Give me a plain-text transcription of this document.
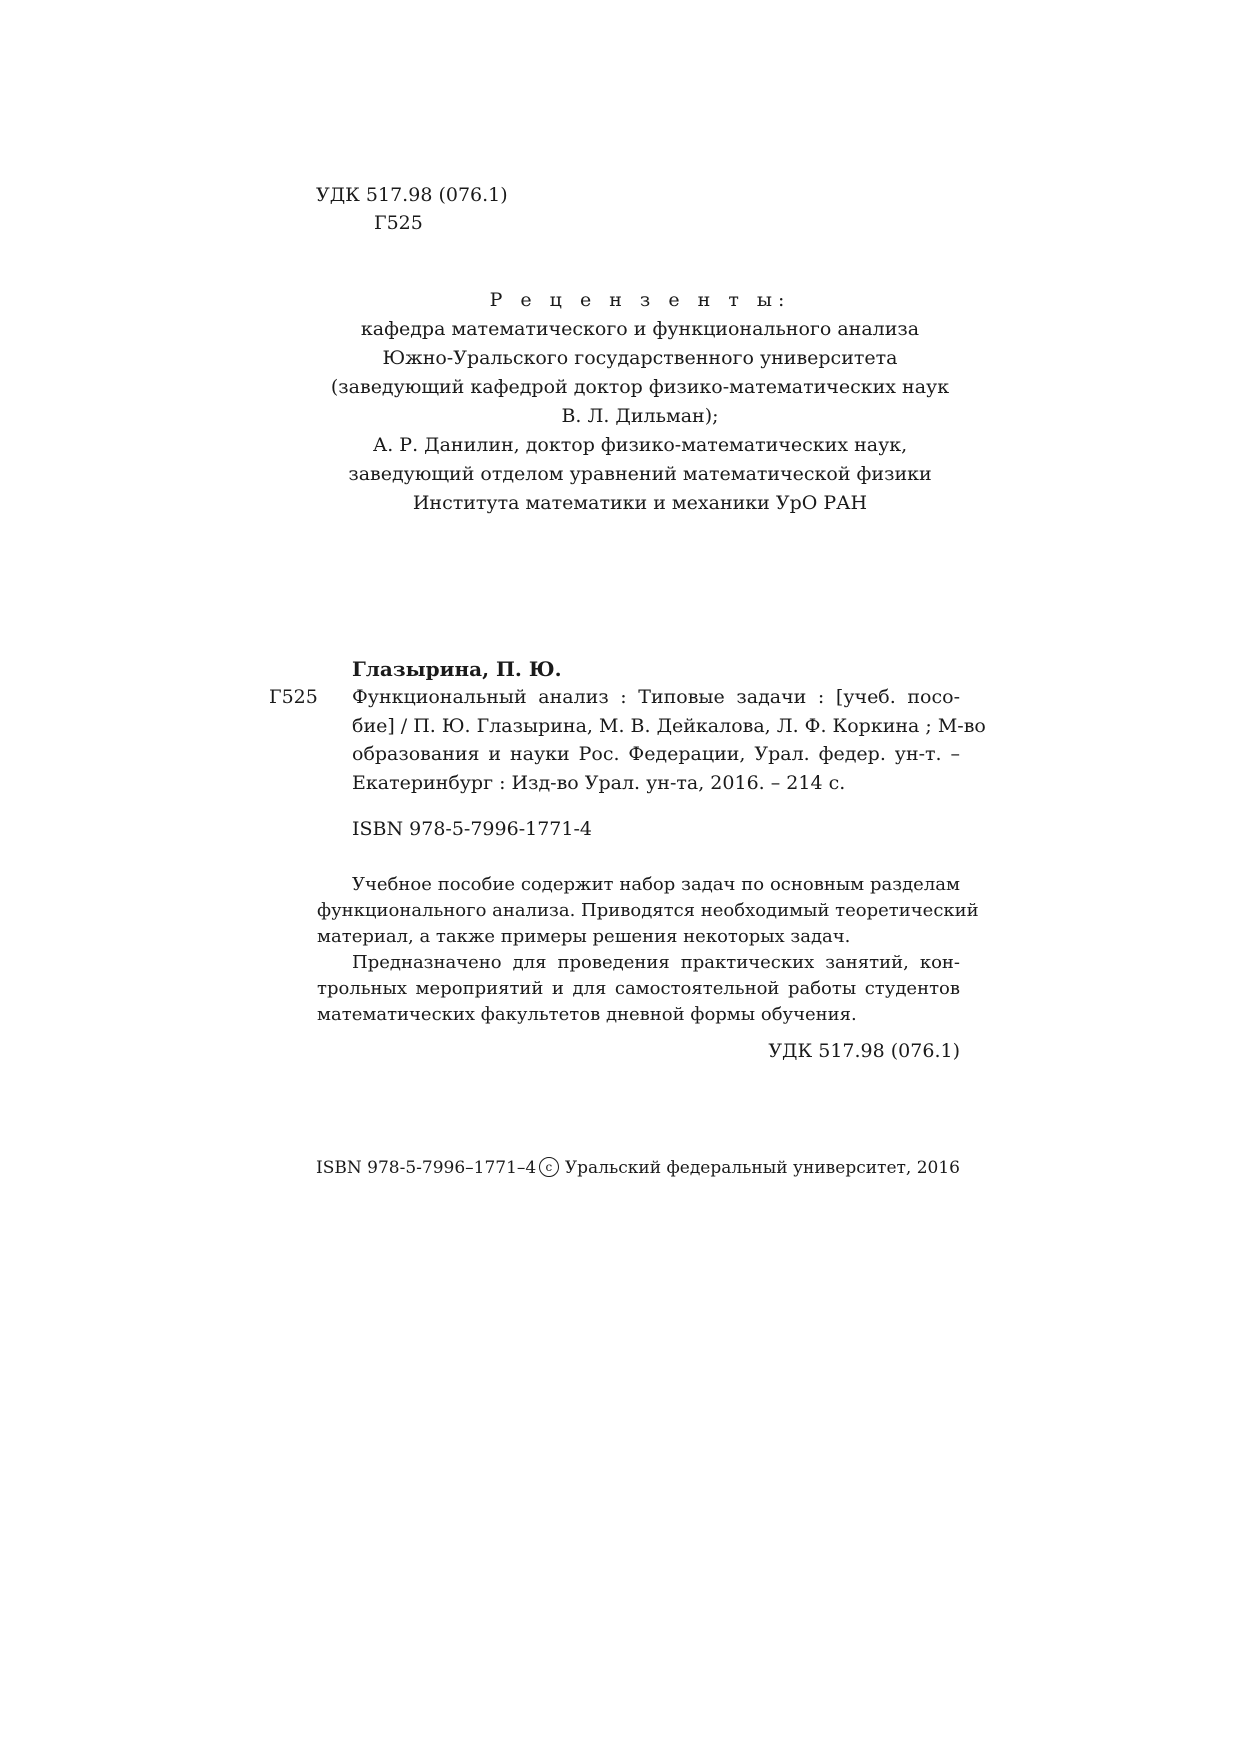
УДК 517.98 (076.1)
Г525
Р е ц е н з е н т ы:
кафедра математического и функционального анализа
Южно-Уральского государственного университета
(заведующий кафедрой доктор физико-математических наук
В. Л. Дильман);
А. Р. Данилин, доктор физико-математических наук,
заведующий отделом уравнений математической физики
Института математики и механики УрО РАН
Глазырина, П. Ю.
Г525 Функциональный анализ : Типовые задачи : [учеб. посо-
бие] / П. Ю. Глазырина, М. В. Дейкалова, Л. Ф. Коркина ; М-во
образования и науки Рос. Федерации, Урал. федер. ун-т. –
Екатеринбург : Изд-во Урал. ун-та, 2016. – 214 с.
ISBN 978-5-7996-1771-4
Учебное пособие содержит набор задач по основным разделам
функционального анализа. Приводятся необходимый теоретический
материал, а также примеры решения некоторых задач.
Предназначено для проведения практических занятий, кон-
трольных мероприятий и для самостоятельной работы студентов
математических факультетов дневной формы обучения.
УДК 517.98 (076.1)
ISBN 978-5-7996–1771–4 c Уральский федеральный университет, 2016
